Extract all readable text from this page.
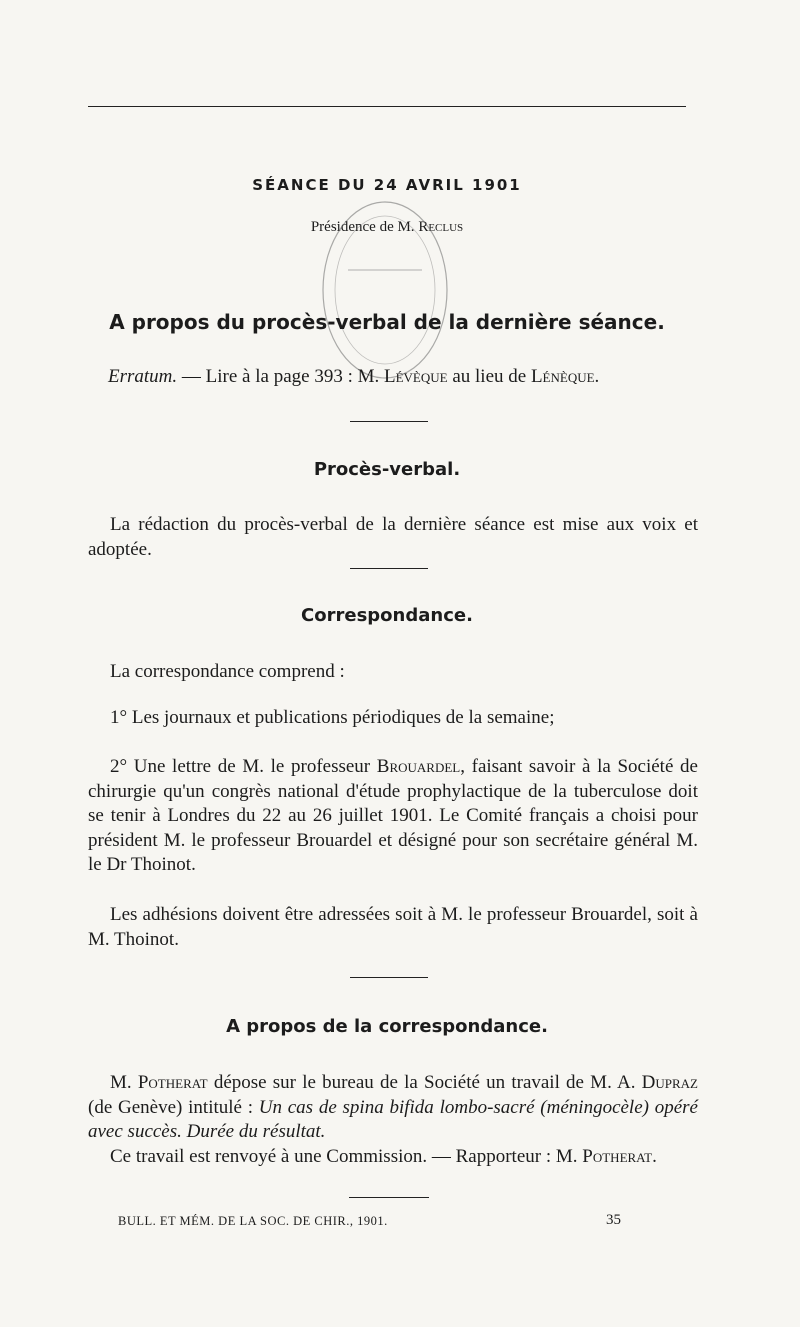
SÉANCE DU 24 AVRIL 1901
Présidence de M. Reclus
A propos du procès-verbal de la dernière séance.
Erratum. — Lire à la page 393 : M. Lévèque au lieu de Lénèque.
Procès-verbal.
La rédaction du procès-verbal de la dernière séance est mise aux voix et adoptée.
Correspondance.
La correspondance comprend :
1° Les journaux et publications périodiques de la semaine;
2° Une lettre de M. le professeur Brouardel, faisant savoir à la Société de chirurgie qu'un congrès national d'étude prophylactique de la tuberculose doit se tenir à Londres du 22 au 26 juillet 1901. Le Comité français a choisi pour président M. le professeur Brouardel et désigné pour son secrétaire général M. le Dr Thoinot.
Les adhésions doivent être adressées soit à M. le professeur Brouardel, soit à M. Thoinot.
A propos de la correspondance.
M. Potherat dépose sur le bureau de la Société un travail de M. A. Dupraz (de Genève) intitulé : Un cas de spina bifida lombo-sacré (méningocèle) opéré avec succès. Durée du résultat.
Ce travail est renvoyé à une Commission. — Rapporteur : M. Potherat.
BULL. ET MÉM. DE LA SOC. DE CHIR., 1901.	35
